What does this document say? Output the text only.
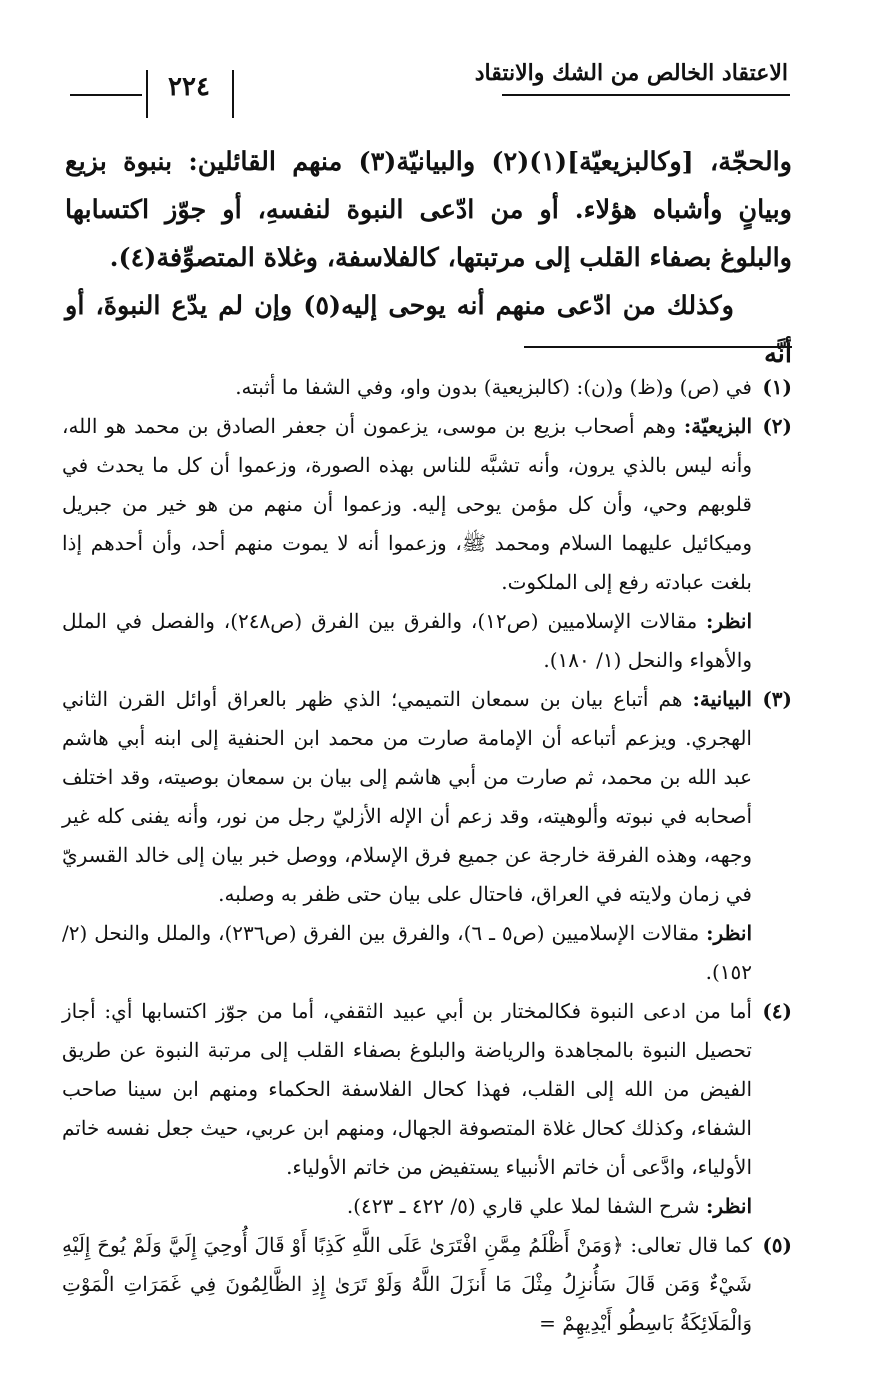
الاعتقاد الخالص من الشك والانتقاد
٢٢٤

والحجّة، [وكالبزيعيّة](١)(٢) والبيانيّة(٣) منهم القائلين: بنبوة بزيع وبيانٍ وأشباه هؤلاء. أو من ادّعى النبوة لنفسهِ، أو جوّز اكتسابها والبلوغ بصفاء القلب إلى مرتبتها، كالفلاسفة، وغلاة المتصوِّفة(٤).

وكذلك من ادّعى منهم أنه يوحى إليه(٥) وإن لم يدّع النبوةَ، أو أنَّه

(١)

في (ص) و(ظ) و(ن): (كالبزيعية) بدون واو، وفي الشفا ما أثبته.

(٢)

البزيعيّة: وهم أصحاب بزيع بن موسى، يزعمون أن جعفر الصادق بن محمد هو الله، وأنه ليس بالذي يرون، وأنه تشبَّه للناس بهذه الصورة، وزعموا أن كل ما يحدث في قلوبهم وحي، وأن كل مؤمن يوحى إليه. وزعموا أن منهم من هو خير من جبريل وميكائيل عليهما السلام ومحمد ﷺ، وزعموا أنه لا يموت منهم أحد، وأن أحدهم إذا بلغت عبادته رفع إلى الملكوت.

انظر: مقالات الإسلاميين (ص١٢)، والفرق بين الفرق (ص٢٤٨)، والفصل في الملل والأهواء والنحل (١/ ١٨٠).

(٣)

البيانية: هم أتباع بيان بن سمعان التميمي؛ الذي ظهر بالعراق أوائل القرن الثاني الهجري. ويزعم أتباعه أن الإمامة صارت من محمد ابن الحنفية إلى ابنه أبي هاشم عبد الله بن محمد، ثم صارت من أبي هاشم إلى بيان بن سمعان بوصيته، وقد اختلف أصحابه في نبوته وألوهيته، وقد زعم أن الإله الأزليّ رجل من نور، وأنه يفنى كله غير وجهه، وهذه الفرقة خارجة عن جميع فرق الإسلام، ووصل خبر بيان إلى خالد القسريّ في زمان ولايته في العراق، فاحتال على بيان حتى ظفر به وصلبه.

انظر: مقالات الإسلاميين (ص٥ ـ ٦)، والفرق بين الفرق (ص٢٣٦)، والملل والنحل (٢/ ١٥٢).

(٤)

أما من ادعى النبوة فكالمختار بن أبي عبيد الثقفي، أما من جوّز اكتسابها أي: أجاز تحصيل النبوة بالمجاهدة والرياضة والبلوغ بصفاء القلب إلى مرتبة النبوة عن طريق الفيض من الله إلى القلب، فهذا كحال الفلاسفة الحكماء ومنهم ابن سينا صاحب الشفاء، وكذلك كحال غلاة المتصوفة الجهال، ومنهم ابن عربي، حيث جعل نفسه خاتم الأولياء، وادَّعى أن خاتم الأنبياء يستفيض من خاتم الأولياء.

انظر: شرح الشفا لملا علي قاري (٥/ ٤٢٢ ـ ٤٢٣).

(٥)

كما قال تعالى: ﴿وَمَنْ أَظْلَمُ مِمَّنِ افْتَرَىٰ عَلَى اللَّهِ كَذِبًا أَوْ قَالَ أُوحِيَ إِلَيَّ وَلَمْ يُوحَ إِلَيْهِ شَيْءٌ وَمَن قَالَ سَأُنزِلُ مِثْلَ مَا أَنزَلَ اللَّهُ وَلَوْ تَرَىٰ إِذِ الظَّالِمُونَ فِي غَمَرَاتِ الْمَوْتِ وَالْمَلَائِكَةُ بَاسِطُو أَيْدِيهِمْ =
